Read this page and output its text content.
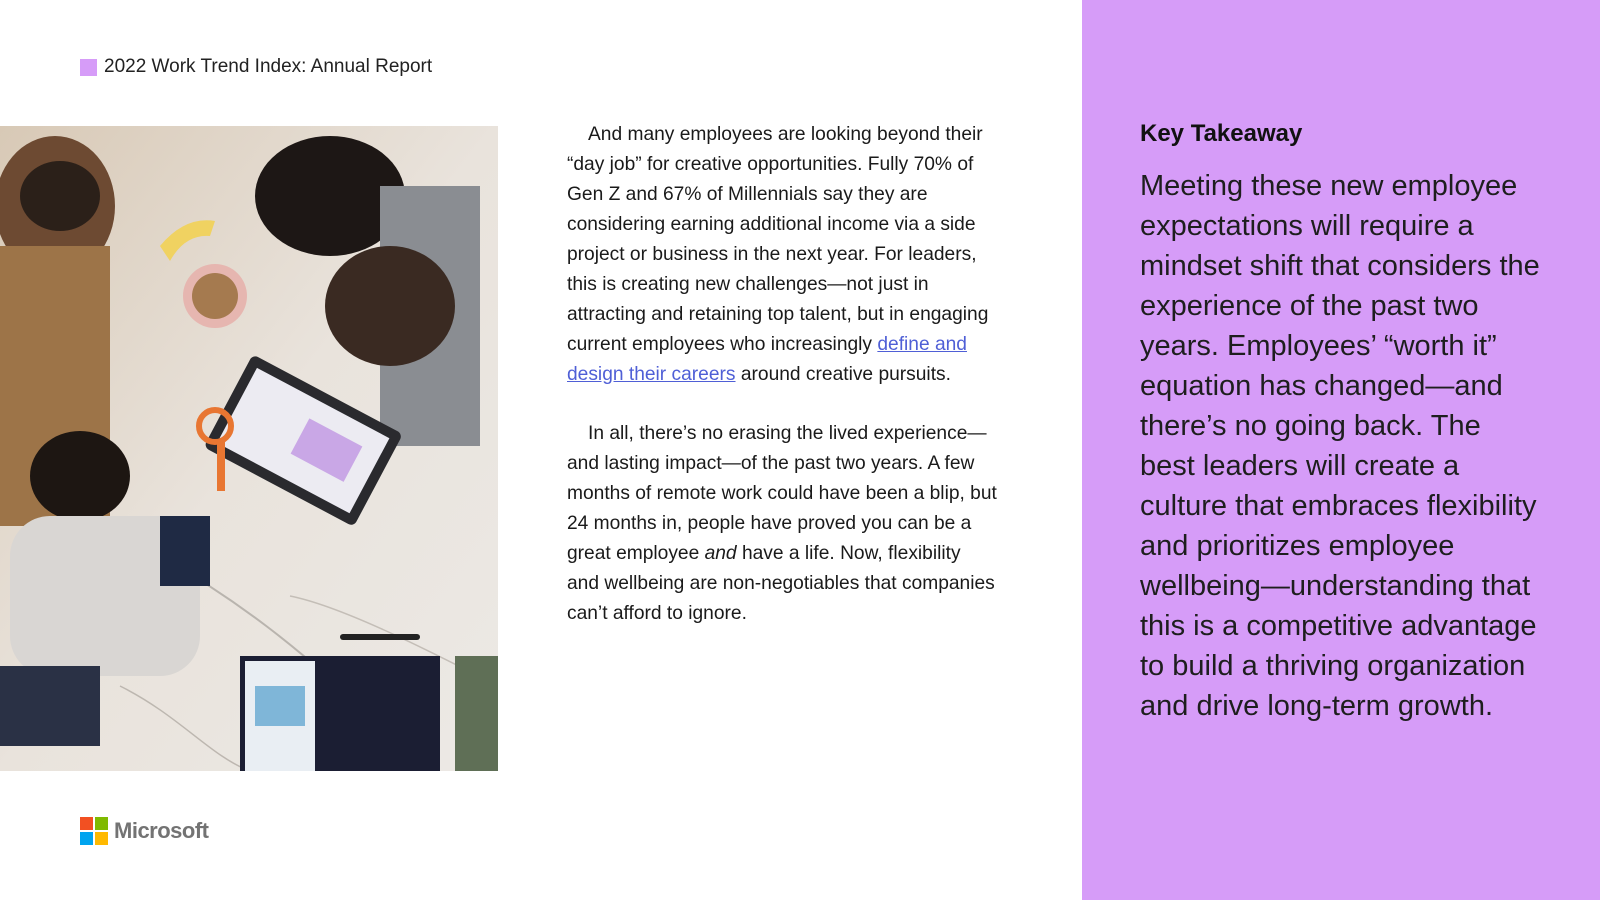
2022 Work Trend Index: Annual Report

And many employees are looking beyond their “day job” for creative opportunities. Fully 70% of Gen Z and 67% of Millennials say they are considering earning additional income via a side project or business in the next year. For leaders, this is creating new challenges—not just in attracting and retaining top talent, but in engaging current employees who increasingly define and design their careers around creative pursuits.

In all, there’s no erasing the lived experience—and lasting impact—of the past two years. A few months of remote work could have been a blip, but 24 months in, people have proved you can be a great employee and have a life. Now, flexibility and wellbeing are non-negotiables that companies can’t afford to ignore.

Key Takeaway
Meeting these new employee expectations will require a mindset shift that considers the experience of the past two years. Employees’ “worth it” equation has changed—and there’s no going back. The best leaders will create a culture that embraces flexibility and prioritizes employee wellbeing—understanding that this is a competitive advantage to build a thriving organization and drive long-term growth.
Microsoft
